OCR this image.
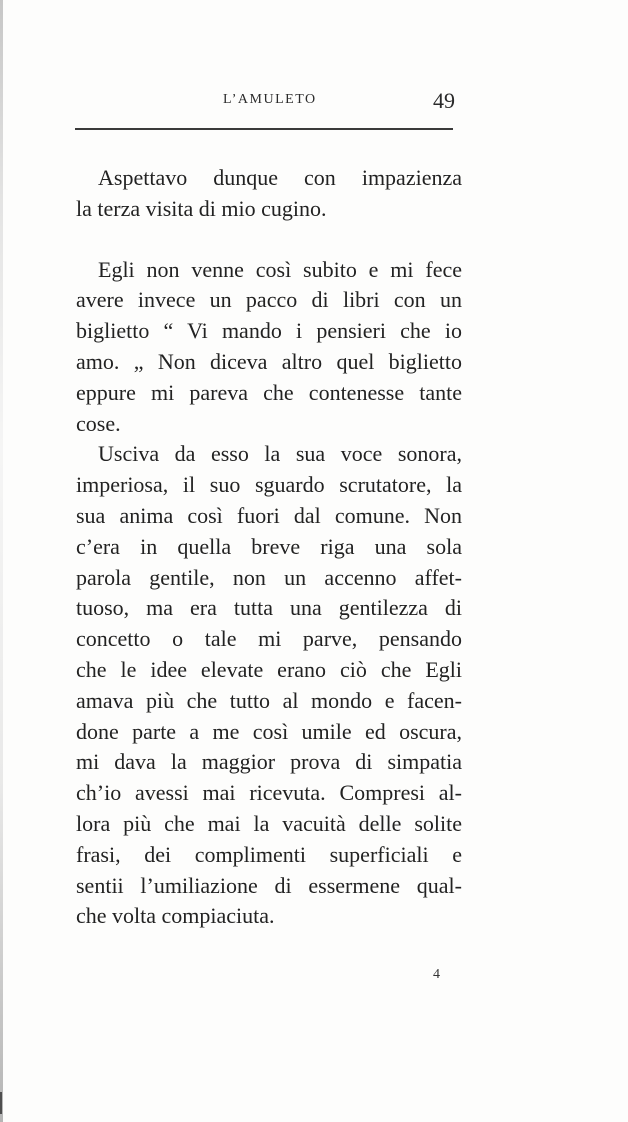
L’AMULETO	49
Aspettavo dunque con impazienza
la terza visita di mio cugino.
Egli non venne così subito e mi fece
avere invece un pacco di libri con un
biglietto “ Vi mando i pensieri che io
amo. „ Non diceva altro quel biglietto
eppure mi pareva che contenesse tante
cose.
Usciva da esso la sua voce sonora,
imperiosa, il suo sguardo scrutatore, la
sua anima così fuori dal comune. Non
c’era in quella breve riga una sola
parola gentile, non un accenno affet-
tuoso, ma era tutta una gentilezza di
concetto o tale mi parve, pensando
che le idee elevate erano ciò che Egli
amava più che tutto al mondo e facen-
done parte a me così umile ed oscura,
mi dava la maggior prova di simpatia
ch’io avessi mai ricevuta. Compresi al-
lora più che mai la vacuità delle solite
frasi, dei complimenti superficiali e
sentii l’umiliazione di essermene qual-
che volta compiaciuta.
4
